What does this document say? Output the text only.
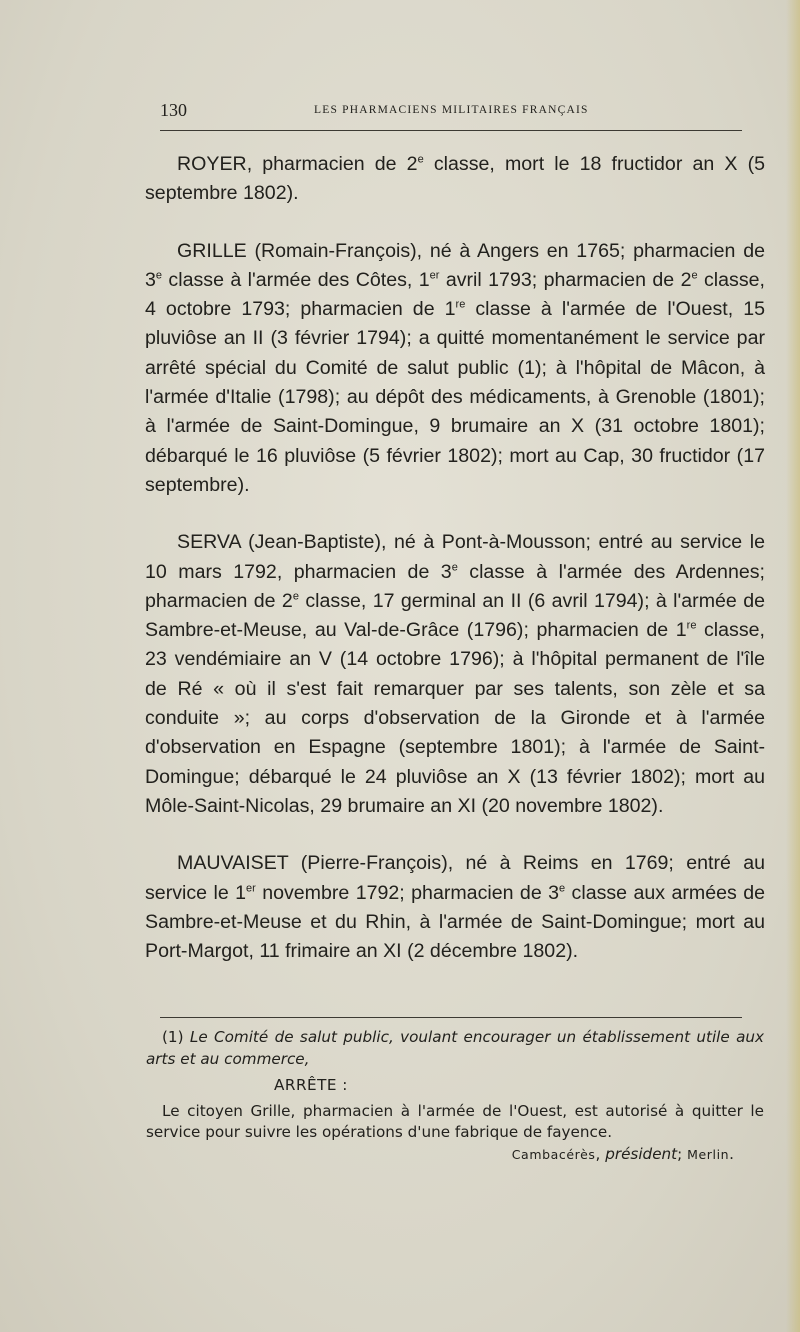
130	LES PHARMACIENS MILITAIRES FRANÇAIS

ROYER, pharmacien de 2e classe, mort le 18 fructidor an X (5 septembre 1802).

GRILLE (Romain-François), né à Angers en 1765; pharmacien de 3e classe à l'armée des Côtes, 1er avril 1793; pharmacien de 2e classe, 4 octobre 1793; pharmacien de 1re classe à l'armée de l'Ouest, 15 pluviôse an II (3 février 1794); a quitté momentanément le service par arrêté spécial du Comité de salut public (1); à l'hôpital de Mâcon, à l'armée d'Italie (1798); au dépôt des médicaments, à Grenoble (1801); à l'armée de Saint-Domingue, 9 brumaire an X (31 octobre 1801); débarqué le 16 pluviôse (5 février 1802); mort au Cap, 30 fructidor (17 septembre).

SERVA (Jean-Baptiste), né à Pont-à-Mousson; entré au service le 10 mars 1792, pharmacien de 3e classe à l'armée des Ardennes; pharmacien de 2e classe, 17 germinal an II (6 avril 1794); à l'armée de Sambre-et-Meuse, au Val-de-Grâce (1796); pharmacien de 1re classe, 23 vendémiaire an V (14 octobre 1796); à l'hôpital permanent de l'île de Ré « où il s'est fait remarquer par ses talents, son zèle et sa conduite »; au corps d'observation de la Gironde et à l'armée d'observation en Espagne (septembre 1801); à l'armée de Saint-Domingue; débarqué le 24 pluviôse an X (13 février 1802); mort au Môle-Saint-Nicolas, 29 brumaire an XI (20 novembre 1802).

MAUVAISET (Pierre-François), né à Reims en 1769; entré au service le 1er novembre 1792; pharmacien de 3e classe aux armées de Sambre-et-Meuse et du Rhin, à l'armée de Saint-Domingue; mort au Port-Margot, 11 frimaire an XI (2 décembre 1802).

(1) Le Comité de salut public, voulant encourager un établissement utile aux arts et au commerce,

ARRÊTE :

Le citoyen Grille, pharmacien à l'armée de l'Ouest, est autorisé à quitter le service pour suivre les opérations d'une fabrique de fayence.

Cambacérès, président; Merlin.
